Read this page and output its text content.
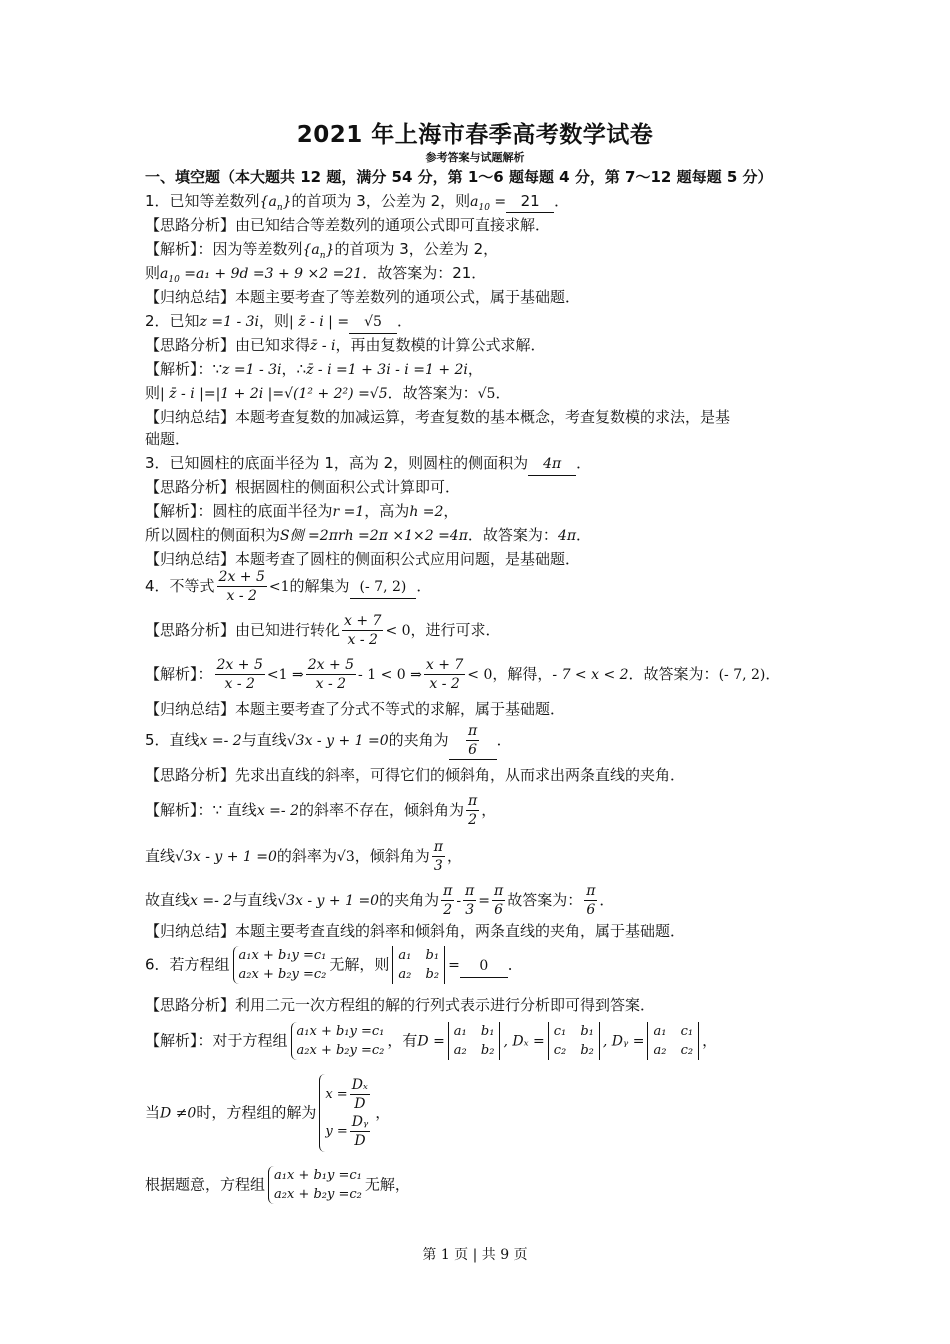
2021 年上海市春季高考数学试卷
参考答案与试题解析
一、填空题（本大题共 12 题，满分 54 分，第 1～6 题每题 4 分，第 7～12 题每题 5 分）
1．已知等差数列$\{a_n\}$的首项为 3，公差为 2，则$a_{10} = 21$ ．
【思路分析】由已知结合等差数列的通项公式即可直接求解．
【解析】：因为等差数列$\{a_n\}$的首项为 3，公差为 2，
则$a_{10} =a_1 + 9d =3 + 9 \times 2 =21$．故答案为：21．
【归纳总结】本题主要考查了等差数列的通项公式，属于基础题．
2．已知z =1 - 3i，则| z̄ - i | = √5 ．
【思路分析】由已知求得z̄ - i，再由复数模的计算公式求解．
【解析】：∵z =1 - 3i，∴z̄ - i =1 + 3i - i =1 + 2i，
则| z̄ - i |=|1 + 2i |=√(1² + 2²) =√5．故答案为：√5．
【归纳总结】本题考查复数的加减运算，考查复数的基本概念，考查复数模的求法，是基
础题．
3．已知圆柱的底面半径为 1，高为 2，则圆柱的侧面积为 4π ．
【思路分析】根据圆柱的侧面积公式计算即可．
【解析】：圆柱的底面半径为r =1，高为h =2，
所以圆柱的侧面积为S侧 =2πrh =2π ×1×2 =4π．故答案为：4π．
【归纳总结】本题考查了圆柱的侧面积公式应用问题，是基础题．
4．不等式 $\frac{2x + 5}{x - 2} <1$的解集为 (- 7, 2) ．
【思路分析】由已知进行转化 $\frac{x + 7}{x - 2} < 0$，进行可求．
【解析】： $\frac{2x + 5}{x - 2} <1$ ⇒ $\frac{2x + 5}{x - 2} - 1 < 0$ ⇒ $\frac{x + 7}{x - 2} < 0$，解得，- 7 < x < 2．故答案为：(- 7, 2)．
【归纳总结】本题主要考查了分式不等式的求解，属于基础题．
5．直线x =- 2与直线√3x - y + 1 =0的夹角为 $\frac{\pi}{6}$ ．
【思路分析】先求出直线的斜率，可得它们的倾斜角，从而求出两条直线的夹角．
【解析】：∵ 直线x =- 2的斜率不存在，倾斜角为 $\frac{\pi}{2}$ ，
直线√3x - y + 1 =0的斜率为√3，倾斜角为 $\frac{\pi}{3}$ ，
故直线x =- 2与直线√3x - y + 1 =0的夹角为 $\frac{\pi}{2} - \frac{\pi}{3} = \frac{\pi}{6}$ 故答案为： $\frac{\pi}{6}$ ．
【归纳总结】本题主要考查直线的斜率和倾斜角，两条直线的夹角，属于基础题．
6．若方程组 a₁x + b₁y =c₁
a₂x + b₂y =c₂
无解，则 a₁ b₁
a₂ b₂
= 0 ．
【思路分析】利用二元一次方程组的解的行列式表示进行分析即可得到答案．
【解析】：对于方程组 a₁x + b₁y =c₁
a₂x + b₂y =c₂
，有D =
a₁ b₁
a₂ b₂
, Dₓ =
c₁ b₁
c₂ b₂
, Dᵧ =
a₁ c₁
a₂ c₂
，
当D ≠0时，方程组的解为
$x = \frac{\text{Dₓ}}{D}$
$y = \frac{\text{Dᵧ}}{D}$
，
根据题意，方程组 a₁x + b₁y =c₁
a₂x + b₂y =c₂
无解，
第 1 页 | 共 9 页
